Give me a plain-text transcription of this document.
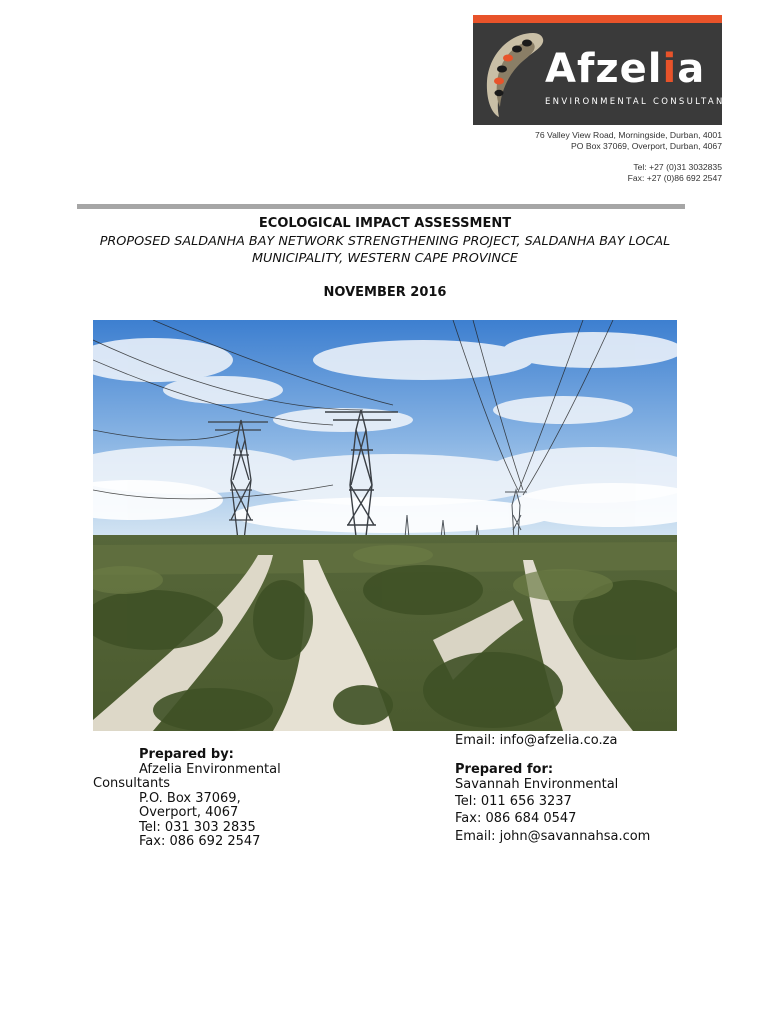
Afzelia
ENVIRONMENTAL CONSULTANTS
76 Valley View Road, Morningside, Durban, 4001
PO Box 37069, Overport, Durban, 4067
Tel: +27 (0)31 3032835
Fax: +27 (0)86 692 2547
ECOLOGICAL IMPACT ASSESSMENT
PROPOSED SALDANHA BAY NETWORK STRENGTHENING PROJECT, SALDANHA BAY LOCAL
MUNICIPALITY, WESTERN CAPE PROVINCE
NOVEMBER 2016
Prepared by:
Afzelia Environmental
Consultants
P.O. Box 37069,
Overport, 4067
Tel: 031 303 2835
Fax: 086 692 2547
Email: info@afzelia.co.za
Prepared for:
Savannah Environmental
Tel: 011 656 3237
Fax: 086 684 0547
Email: john@savannahsa.com
